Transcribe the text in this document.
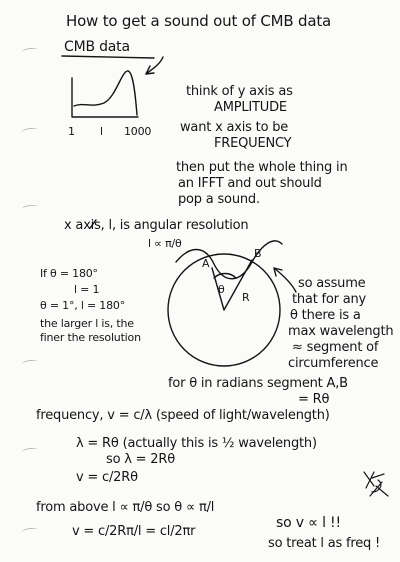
How to get a sound out of CMB data

CMB data

1 l 1000

think of y axis as

AMPLITUDE

want x axis to be

FREQUENCY

then put the whole thing in

an IFFT and out should

pop a sound.

x axis, l, is angular resolution

l ∝ π/θ

If θ = 180°

l = 1

θ = 1°, l = 180°

the larger l is, the

finer the resolution

A

B

θ

R

so assume

that for any

θ there is a

max wavelength

≈ segment of

circumference

for θ in radians segment A,B

= Rθ

frequency, v = c/λ (speed of light/wavelength)

λ = Rθ (actually this is ½ wavelength)

so λ = 2Rθ

v = c/2Rθ

from above l ∝ π/θ so θ ∝ π/l

v = c/2Rπ/l = cl/2πr

so v ∝ l !!

so treat l as freq !
